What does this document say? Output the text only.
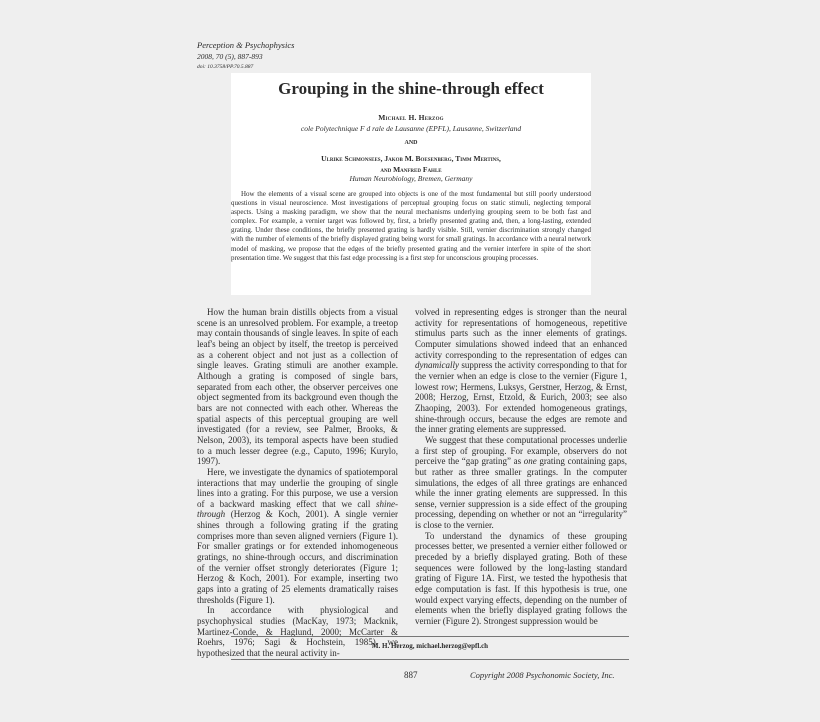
Perception & Psychophysics
2008, 70 (5), 887-893
doi: 10.3758/PP.70.5.887
Grouping in the shine-through effect
Michael H. Herzog
cole Polytechnique F d rale de Lausanne (EPFL), Lausanne, Switzerland
AND
Ulrike Schmonsees, Jakob M. Boesenberg, Timm Mertins,
and Manfred Fahle
Human Neurobiology, Bremen, Germany

How the elements of a visual scene are grouped into objects is one of the most fundamental but still poorly understood questions in visual neuroscience. Most investigations of perceptual grouping focus on static stimuli, neglecting temporal aspects. Using a masking paradigm, we show that the neural mechanisms underlying grouping seem to be both fast and complex. For example, a vernier target was followed by, first, a briefly presented grating and, then, a long-lasting, extended grating. Under these conditions, the briefly presented grating is hardly visible. Still, vernier discrimination strongly changed with the number of elements of the briefly displayed grating being worst for small gratings. In accordance with a neural network model of masking, we propose that the edges of the briefly presented grating and the vernier interfere in spite of the short presentation time. We suggest that this fast edge processing is a first step for unconscious grouping processes.

How the human brain distills objects from a visual scene is an unresolved problem. For example, a treetop may contain thousands of single leaves. In spite of each leaf's being an object by itself, the treetop is perceived as a coherent object and not just as a collection of single leaves. Grating stimuli are another example. Although a grating is composed of single bars, separated from each other, the observer perceives one object segmented from its background even though the bars are not connected with each other. Whereas the spatial aspects of this perceptual grouping are well investigated (for a review, see Palmer, Brooks, & Nelson, 2003), its temporal aspects have been studied to a much lesser degree (e.g., Caputo, 1996; Kurylo, 1997).

Here, we investigate the dynamics of spatiotemporal interactions that may underlie the grouping of single lines into a grating. For this purpose, we use a version of a backward masking effect that we call shine-through (Herzog & Koch, 2001). A single vernier shines through a following grating if the grating comprises more than seven aligned verniers (Figure 1). For smaller gratings or for extended inhomogeneous gratings, no shine-through occurs, and discrimination of the vernier offset strongly deteriorates (Figure 1; Herzog & Koch, 2001). For example, inserting two gaps into a grating of 25 elements dramatically raises thresholds (Figure 1).

In accordance with physiological and psychophysical studies (MacKay, 1973; Macknik, Martinez-Conde, & Haglund, 2000; McCarter & Roehrs, 1976; Sagi & Hochstein, 1985), we hypothesized that the neural activity in-

volved in representing edges is stronger than the neural activity for representations of homogeneous, repetitive stimulus parts such as the inner elements of gratings. Computer simulations showed indeed that an enhanced activity corresponding to the representation of edges can dynamically suppress the activity corresponding to that for the vernier when an edge is close to the vernier (Figure 1, lowest row; Hermens, Luksys, Gerstner, Herzog, & Ernst, 2008; Herzog, Ernst, Etzold, & Eurich, 2003; see also Zhaoping, 2003). For extended homogeneous gratings, shine-through occurs, because the edges are remote and the inner grating elements are suppressed.

We suggest that these computational processes underlie a first step of grouping. For example, observers do not perceive the “gap grating” as one grating containing gaps, but rather as three smaller gratings. In the computer simulations, the edges of all three gratings are enhanced while the inner grating elements are suppressed. In this sense, vernier suppression is a side effect of the grouping processing, depending on whether or not an “irregularity” is close to the vernier.

To understand the dynamics of these grouping processes better, we presented a vernier either followed or preceded by a briefly displayed grating. Both of these sequences were followed by the long-lasting standard grating of Figure 1A. First, we tested the hypothesis that edge computation is fast. If this hypothesis is true, one would expect varying effects, depending on the number of elements when the briefly displayed grating follows the vernier (Figure 2). Strongest suppression would be

M. H. Herzog, michael.herzog@epfl.ch
887	Copyright 2008 Psychonomic Society, Inc.
